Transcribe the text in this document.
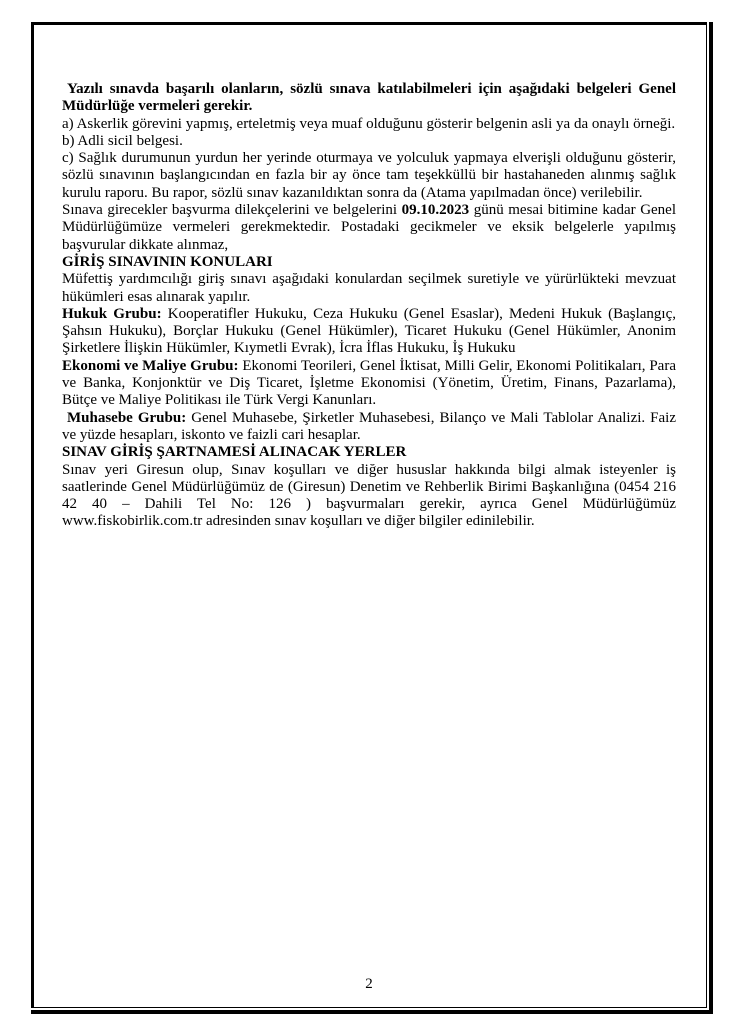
Yazılı sınavda başarılı olanların, sözlü sınava katılabilmeleri için aşağıdaki belgeleri Genel Müdürlüğe vermeleri gerekir.

a) Askerlik görevini yapmış, erteletmiş veya muaf olduğunu gösterir belgenin asli ya da onaylı örneği.

b) Adli sicil belgesi.

c) Sağlık durumunun yurdun her yerinde oturmaya ve yolculuk yapmaya elverişli olduğunu gösterir, sözlü sınavının başlangıcından en fazla bir ay önce tam teşekküllü bir hastahaneden alınmış sağlık kurulu raporu. Bu rapor, sözlü sınav kazanıldıktan sonra da (Atama yapılmadan önce) verilebilir.

Sınava girecekler başvurma dilekçelerini ve belgelerini 09.10.2023 günü mesai bitimine kadar Genel Müdürlüğümüze vermeleri gerekmektedir. Postadaki gecikmeler ve eksik belgelerle yapılmış başvurular dikkate alınmaz,

GİRİŞ SINAVININ KONULARI

Müfettiş yardımcılığı giriş sınavı aşağıdaki konulardan seçilmek suretiyle ve yürürlükteki mevzuat hükümleri esas alınarak yapılır.

Hukuk Grubu: Kooperatifler Hukuku, Ceza Hukuku (Genel Esaslar), Medeni Hukuk (Başlangıç, Şahsın Hukuku), Borçlar Hukuku (Genel Hükümler), Ticaret Hukuku (Genel Hükümler, Anonim Şirketlere İlişkin Hükümler, Kıymetli Evrak), İcra İflas Hukuku, İş Hukuku

Ekonomi ve Maliye Grubu: Ekonomi Teorileri, Genel İktisat, Milli Gelir, Ekonomi Politikaları, Para ve Banka, Konjonktür ve Diş Ticaret, İşletme Ekonomisi (Yönetim, Üretim, Finans, Pazarlama), Bütçe ve Maliye Politikası ile Türk Vergi Kanunları.

Muhasebe Grubu: Genel Muhasebe, Şirketler Muhasebesi, Bilanço ve Mali Tablolar Analizi. Faiz ve yüzde hesapları, iskonto ve faizli cari hesaplar.

SINAV GİRİŞ ŞARTNAMESİ ALINACAK YERLER

Sınav yeri Giresun olup, Sınav koşulları ve diğer hususlar hakkında bilgi almak isteyenler iş saatlerinde Genel Müdürlüğümüz de (Giresun) Denetim ve Rehberlik Birimi Başkanlığına (0454 216 42 40 – Dahili Tel No: 126 ) başvurmaları gerekir, ayrıca Genel Müdürlüğümüz www.fiskobirlik.com.tr adresinden sınav koşulları ve diğer bilgiler edinilebilir.

2
